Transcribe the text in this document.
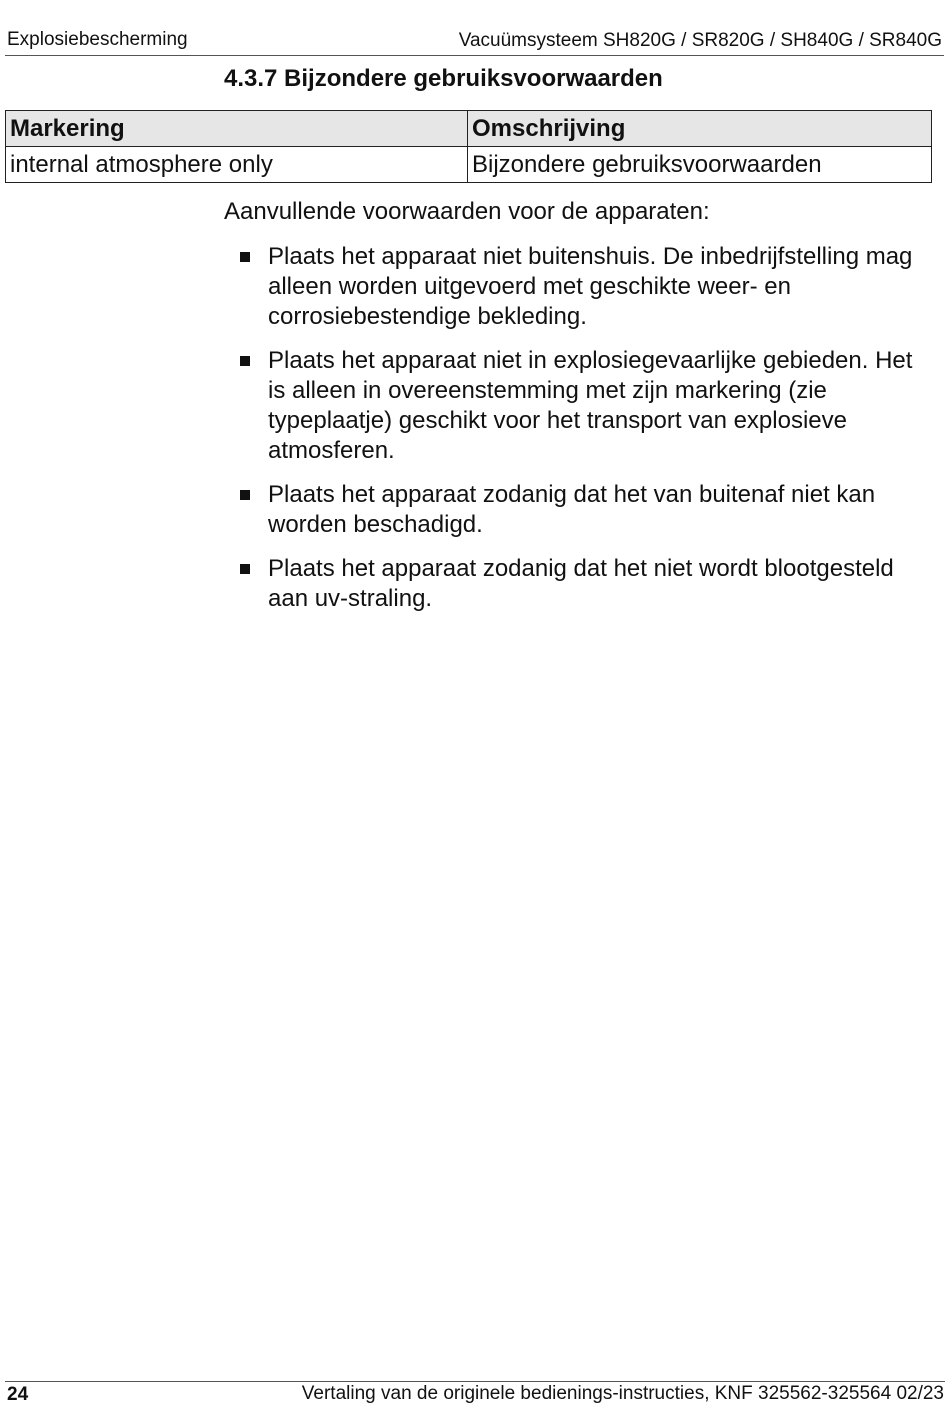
Explosiebescherming	Vacuümsysteem SH820G / SR820G / SH840G / SR840G
4.3.7 Bijzondere gebruiksvoorwaarden
Markering	Omschrijving
internal atmosphere only	Bijzondere gebruiksvoorwaarden
Aanvullende voorwaarden voor de apparaten:
Plaats het apparaat niet buitenshuis. De inbedrijfstelling mag alleen worden uitgevoerd met geschikte weer- en corrosiebestendige bekleding.
Plaats het apparaat niet in explosiegevaarlijke gebieden. Het is alleen in overeenstemming met zijn markering (zie typeplaatje) geschikt voor het transport van explosieve atmosferen.
Plaats het apparaat zodanig dat het van buitenaf niet kan worden beschadigd.
Plaats het apparaat zodanig dat het niet wordt blootgesteld aan uv-straling.
24	Vertaling van de originele bedienings-instructies, KNF 325562-325564 02/23
